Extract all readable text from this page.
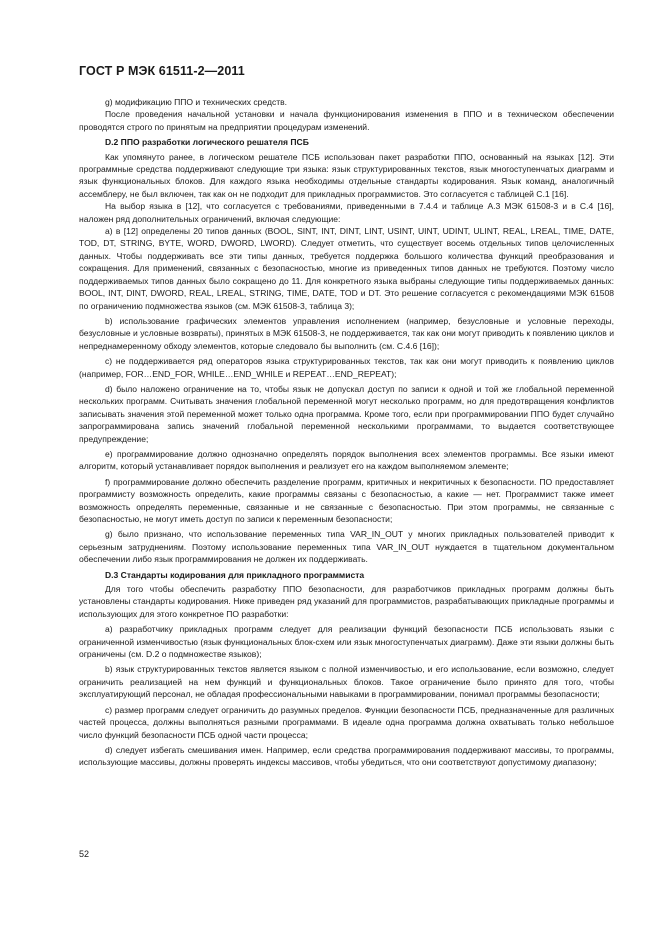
ГОСТ Р МЭК 61511-2—2011

g) модификацию ППО и технических средств.

После проведения начальной установки и начала функционирования изменения в ППО и в техническом обеспечении проводятся строго по принятым на предприятии процедурам изменений.

D.2 ППО разработки логического решателя ПСБ

Как упомянуто ранее, в логическом решателе ПСБ использован пакет разработки ППО, основанный на языках [12]. Эти программные средства поддерживают следующие три языка: язык структурированных текстов, язык многоступенчатых диаграмм и язык функциональных блоков. Для каждого языка необходимы отдельные стандарты кодирования. Язык команд, аналогичный ассемблеру, не был включен, так как он не подходит для прикладных программистов. Это согласуется с таблицей С.1 [16].

На выбор языка в [12], что согласуется с требованиями, приведенными в 7.4.4 и таблице А.3 МЭК 61508-3 и в С.4 [16], наложен ряд дополнительных ограничений, включая следующие:

a) в [12] определены 20 типов данных (BOOL, SINT, INT, DINT, LINT, USINT, UINT, UDINT, ULINT, REAL, LREAL, TIME, DATE, TOD, DT, STRING, BYTE, WORD, DWORD, LWORD). Следует отметить, что существует восемь отдельных типов целочисленных данных. Чтобы поддерживать все эти типы данных, требуется поддержка большого количества функций преобразования и сокращения. Для применений, связанных с безопасностью, многие из приведенных типов данных не требуются. Поэтому число поддерживаемых типов данных было сокращено до 11. Для конкретного языка выбраны следующие типы поддерживаемых данных: BOOL, INT, DINT, DWORD, REAL, LREAL, STRING, TIME, DATE, TOD и DT. Это решение согласуется с рекомендациями МЭК 61508 по ограничению подмножества языков (см. МЭК 61508-3, таблица 3);

b) использование графических элементов управления исполнением (например, безусловные и условные переходы, безусловные и условные возвраты), принятых в МЭК 61508-3, не поддерживается, так как они могут приводить к появлению циклов и непреднамеренному обходу элементов, которые следовало бы выполнить (см. С.4.6 [16]);

c) не поддерживается ряд операторов языка структурированных текстов, так как они могут приводить к появлению циклов (например, FOR…END_FOR, WHILE…END_WHILE и REPEAT…END_REPEAT);

d) было наложено ограничение на то, чтобы язык не допускал доступ по записи к одной и той же глобальной переменной нескольких программ. Считывать значения глобальной переменной могут несколько программ, но для предотвращения конфликтов записывать значения этой переменной может только одна программа. Кроме того, если при программировании ППО будет случайно запрограммирована запись значений глобальной переменной несколькими программами, то выдается соответствующее предупреждение;

e) программирование должно однозначно определять порядок выполнения всех элементов программы. Все языки имеют алгоритм, который устанавливает порядок выполнения и реализует его на каждом выполняемом элементе;

f) программирование должно обеспечить разделение программ, критичных и некритичных к безопасности. ПО предоставляет программисту возможность определить, какие программы связаны с безопасностью, а какие — нет. Программист также имеет возможность определять переменные, связанные и не связанные с безопасностью. При этом программы, не связанные с безопасностью, не могут иметь доступ по записи к переменным безопасности;

g) было признано, что использование переменных типа VAR_IN_OUT у многих прикладных пользователей приводит к серьезным затруднениям. Поэтому использование переменных типа VAR_IN_OUT нуждается в тщательном документальном обеспечении либо язык программирования не должен их поддерживать.

D.3 Стандарты кодирования для прикладного программиста

Для того чтобы обеспечить разработку ППО безопасности, для разработчиков прикладных программ должны быть установлены стандарты кодирования. Ниже приведен ряд указаний для программистов, разрабатывающих прикладные программы и использующих для этого конкретное ПО разработки:

a) разработчику прикладных программ следует для реализации функций безопасности ПСБ использовать языки с ограниченной изменчивостью (язык функциональных блок-схем или язык многоступенчатых диаграмм). Даже эти языки должны быть ограничены (см. D.2 о подмножестве языков);

b) язык структурированных текстов является языком с полной изменчивостью, и его использование, если возможно, следует ограничить реализацией на нем функций и функциональных блоков. Такое ограничение было принято для того, чтобы эксплуатирующий персонал, не обладая профессиональными навыками в программировании, понимал программы безопасности;

c) размер программ следует ограничить до разумных пределов. Функции безопасности ПСБ, предназначенные для различных частей процесса, должны выполняться разными программами. В идеале одна программа должна охватывать только небольшое число функций безопасности ПСБ одной части процесса;

d) следует избегать смешивания имен. Например, если средства программирования поддерживают массивы, то программы, использующие массивы, должны проверять индексы массивов, чтобы убедиться, что они соответствуют допустимому диапазону;

52
